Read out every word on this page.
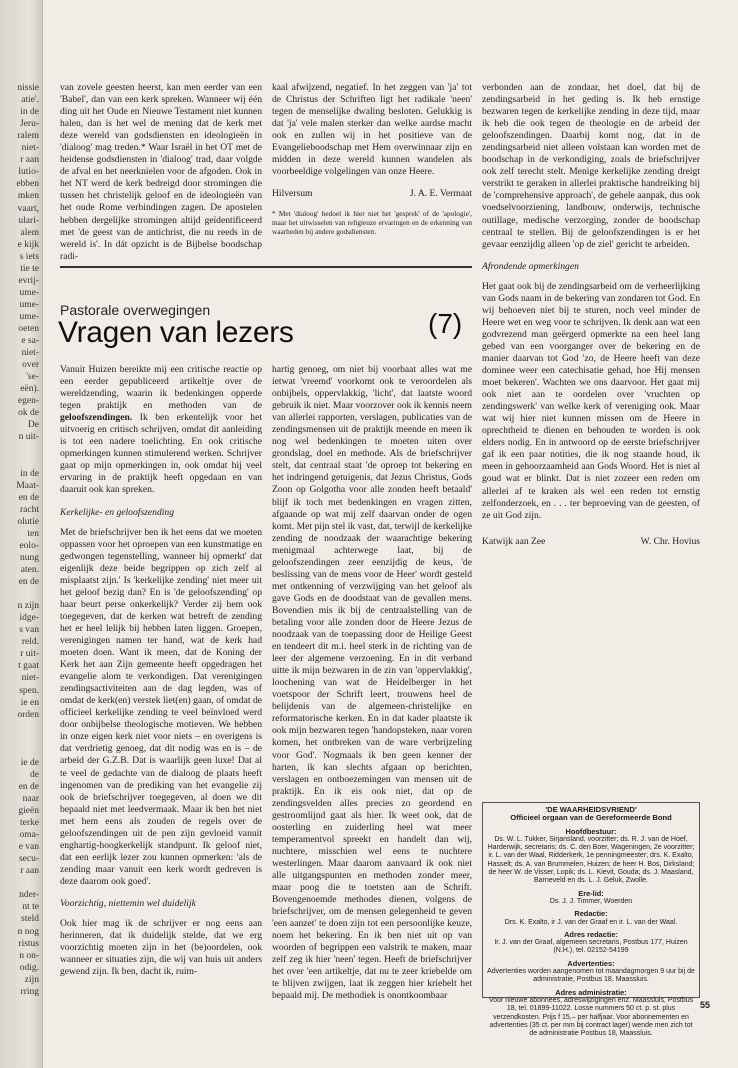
nissie
atie'.
in de
Jeru-
ralem
niet-
r aan
lutio-
ebben
mken
vaart,
ulari-
alem
e kijk
s iets
tie te
evrij-
ume-
ume-
ume-
oeten
e sa-
niet-
over
'se-
eën).
egen-
ok de
De
n uit-
in de
Maat-
en de
racht
olutie
ten
eolo-
nung
aten.
en de
n zijn
idge-
s van
reld.
r uit-
t gaat
niet-
spen.
ie en
orden
ie de
de
en de
naar
gieën
terke
oma-
e van
secu-
r aan
nder-
nt te
steld
n nog
ristus
n on-
odig.
zijn
rring

van zovele geesten heerst, kan men eerder van een 'Babel', dan van een kerk spreken. Wanneer wij één ding uit het Oude en Nieuwe Testament niet kunnen halen, dan is het wel de mening dat de kerk met deze wereld van godsdiensten en ideologieën in 'dialoog' mag treden.* Waar Israël in het OT met de heidense godsdiensten in 'dialoog' trad, daar volgde de afval en het neerknielen voor de afgoden. Ook in het NT werd de kerk bedreigd door stromingen die tussen het christelijk geloof en de ideologieën van het oude Rome verbindingen zagen. De apostelen hebben dergelijke stromingen altijd geïdentificeerd met 'de geest van de antichrist, die nu reeds in de wereld is'. In dát opzicht is de Bijbelse boodschap radi-

kaal afwijzend, negatief. In het zeggen van 'ja' tot de Christus der Schriften ligt het radikale 'neen' tegen de menselijke dwaling besloten. Gelukkig is dat 'ja' vele malen sterker dan welke aardse macht ook en zullen wij in het positieve van de Evangelieboodschap met Hem overwinnaar zijn en midden in deze wereld kunnen wandelen als voorbeeldige volgelingen van onze Heere.

Hilversum	J. A. E. Vermaat
* Met 'dialoog' bedoel ik hier niet het 'gesprek' of de 'apologie', maar het uitwisselen van religieuze ervaringen en de erkenning van waarheden bij andere godsdiensten.

verbonden aan de zondaar, het doel, dat bij de zendingsarbeid in het geding is. Ik heb ernstige bezwaren tegen de kerkelijke zending in deze tijd, maar ik heb die ook tegen de theologie en de arbeid der geloofszendingen. Daarbij komt nog, dat in de zendingsarbeid niet alleen volstaan kan worden met de boodschap in de verkondiging, zoals de briefschrijver ook zelf terecht stelt. Menige kerkelijke zending dreigt verstrikt te geraken in allerlei praktische handreiking bij de 'comprehensive approach', de gehele aanpak, dus ook voedselvoorziening, landbouw, onderwijs, technische outillage, medische verzorging, zonder de boodschap centraal te stellen. Bij de geloofszendingen is er het gevaar eenzijdig alleen 'op de ziel' gericht te arbeiden.

Afrondende opmerkingen

Het gaat ook bij de zendingsarbeid om de verheerlijking van Gods naam in de bekering van zondaren tot God. En wij behoeven niet bij te sturen, noch veel minder de Heere wet en weg voor te schrijven. Ik denk aan wat een godvrezend man geërgerd opmerkte na een heel lang gebed van een voorganger over de bekering en de manier daarvan tot God 'zo, de Heere heeft van deze dominee weer een catechisatie gehad, hoe Hij mensen moet bekeren'. Wachten we ons daarvoor. Het gaat mij ook niet aan te oordelen over 'vruchten op zendingswerk' van welke kerk of vereniging ook. Maar wat wij hier niet kunnen missen om de Heere in oprechtheid te dienen en behouden te worden is ook elders nodig. En in antwoord op de eerste briefschrijver gaf ik een paar notities, die ik nog staande houd, ik meen in gehoorzaamheid aan Gods Woord. Het is niet al goud wat er blinkt. Dat is niet zozeer een reden om allerlei af te kraken als wel een reden tot ernstig zelfonderzoek, en . . . ter beproeving van de geesten, of ze uit God zijn.

Katwijk aan Zee	W. Chr. Hovius
Pastorale overwegingen
Vragen van lezers	(7)

Vanuit Huizen bereikte mij een critische reactie op een eerder gepubliceerd artikeltje over de wereldzending, waarin ik bedenkingen opperde tegen praktijk en methoden van de geloofszendingen. Ik ben erkentelijk voor het uitvoerig en critisch schrijven, omdat dit aanleiding is tot een nadere toelichting. En ook critische opmerkingen kunnen stimulerend werken. Schrijver gaat op mijn opmerkingen in, ook omdat hij veel ervaring in de praktijk heeft opgedaan en van daaruit ook kan spreken.

Kerkelijke- en geloofszending

Met de briefschrijver ben ik het eens dat we moeten oppassen voor het oproepen van een kunstmatige en gedwongen tegenstelling, wanneer hij opmerkt' dat eigenlijk deze beide begrippen op zich zelf al misplaatst zijn.' Is 'kerkelijke zending' niet meer uit het geloof bezig dan? En is 'de geloofszending' op haar beurt perse onkerkelijk? Verder zij hem ook toegegeven, dat de kerken wat betreft de zending het er heel lelijk bij hebben laten liggen. Groepen, verenigingen namen ter hand, wat de kerk had moeten doen. Want ik meen, dat de Koning der Kerk het aan Zijn gemeente heeft opgedragen het evangelie alom te verkondigen. Dat verenigingen zendingsactiviteiten aan de dag legden, was of omdat de kerk(en) verstek liet(en) gaan, of omdat de officieel kerkelijke zending te veel beïnvloed werd door onbijbelse theologische motieven. We hebben in onze eigen kerk niet voor niets – en overigens is dat verdrietig genoeg, dat dit nodig was en is – de arbeid der G.Z.B. Dat is waarlijk geen luxe! Dat al te veel de gedachte van de dialoog de plaats heeft ingenomen van de prediking van het evangelie zij ook de briefschrijver toegegeven, al doen we dit bepaald niet met leedvermaak. Maar ik ben het niet met hem eens als zouden de regels over de geloofszendingen uit de pen zijn gevloeid vanuit enghartig-hoogkerkelijk standpunt. Ik geloof niet, dat een eerlijk lezer zou kunnen opmerken: 'als de zending maar vanuit een kerk wordt gedreven is deze daarom ook goed'.

Voorzichtig, niettemin wel duidelijk

Ook hier mag ik de schrijver er nog eens aan herinneren, dat ik duidelijk stelde, dat we erg voorzichtig moeten zijn in het (be)oordelen, ook wanneer er situaties zijn, die wij van huis uit anders gewend zijn. Ik ben, dacht ik, ruim-

hartig genoeg, om niet bij voorbaat alles wat me ietwat 'vreemd' voorkomt ook te veroordelen als onbijbels, oppervlakkig, 'licht', dat laatste woord gebruik ik niet. Maar voorzover ook ik kennis neem van allerlei rapporten, verslagen, publicaties van de zendingsmensen uit de praktijk meende en meen ik nog wel bedenkingen te moeten uiten over grondslag, doel en methode. Als de briefschrijver stelt, dat centraal staat 'de oproep tot bekering en het indringend getuigenis, dat Jezus Christus, Gods Zoon op Golgotha voor alle zonden heeft betaald' blijf ik toch met bedenkingen en vragen zitten, afgaande op wat mij zelf daarvan onder de ogen komt. Met pijn stel ik vast, dat, terwijl de kerkelijke zending de noodzaak der waarachtige bekering menigmaal achterwege laat, bij de geloofszendingen zeer eenzijdig de keus, 'de beslissing van de mens voor de Heer' wordt gesteld met ontkenning of verzwijging van het geloof als gave Gods en de doodstaat van de gevallen mens. Bovendien mis ik bij de centraalstelling van de betaling voor alle zonden door de Heere Jezus de noodzaak van de toepassing door de Heilige Geest en tendeert dit m.i. heel sterk in de richting van de leer der algemene verzoening. En in dit verband uitte ik mijn bezwaren in de zin van 'oppervlakkig', loochening van wat de Heidelberger in het voetspoor der Schrift leert, trouwens heel de belijdenis van de algemeen-christelijke en reformatorische kerken. En in dat kader plaatste ik ook mijn bezwaren tegen 'handopsteken, naar voren komen, het ontbreken van de ware verbrijzeling voor God'. Nogmaals ik ben geen kenner der harten, ik kan slechts afgaan op berichten, verslagen en ontboezemingen van mensen uit de praktijk. En ik eis ook niet, dat op de zendingsvelden alles precies zo geordend en gestroomlijnd gaat als hier. Ik weet ook, dat de oosterling en zuiderling heel wat meer temperamentvol spreekt en handelt dan wij, nuchtere, misschien wel eens te nuchtere westerlingen. Maar daarom aanvaard ik ook niet alle uitgangspunten en methoden zonder meer, maar poog die te toetsten aan de Schrift. Bovengenoemde methodes dienen, volgens de briefschrijver, om de mensen gelegenheid te geven 'een aanzet' te doen zijn tot een persoonlijke keuze, noem het bekering. En ik ben niet uit op van woorden of begrippen een valstrik te maken, maar zelf zeg ik hier 'neen' tegen. Heeft de briefschrijver het over 'een artikeltje, dat nu te zeer kriebelde om te blijven zwijgen, laat ik zeggen hier kriebelt het bepaald mij. De methodiek is onontkoombaar

'DE WAARHEIDSVRIEND'
Officieel orgaan van de Gereformeerde Bond
Hoofdbestuur:
Ds. W. L. Tukker, Sirjansland, voorzitter; ds. R. J. van de Hoef, Harderwijk, secretaris; ds. C. den Boer, Wageningen, 2e voorzitter; ir. L. van der Waal, Ridderkerk, 1e penningmeester; drs. K. Exalto, Hasselt; ds. A. van Brummelen, Huizen; de heer H. Bos, Dirksland; de heer W. de Visser, Lopik; ds. L. Kievit, Gouda; ds. J. Maasland, Barneveld en ds. L. J. Geluk, Zwolle.
Ere-lid:
Ds. J. J. Timmer, Woerden
Redactie:
Drs. K. Exalto, ir J. van der Graaf en ir. L. van der Waal.
Adres redactie:
Ir. J. van der Graaf, algemeen secretaris, Postbus 177, Huizen (N.H.), tel. 02152-54199
Advertenties:
Advertenties worden aangenomen tot maandagmorgen 9 uur bij de administratie, Postbus 18, Maassluis.
Adres administratie:
Voor nieuwe abonnees, adreswijzigingen enz. Maassluis, Postbus 18, tel. 01899-11022. Losse nummers 50 ct. p. st. plus verzendkosten. Prijs f 15,– per halfjaar. Voor abonnementen en advertenties (35 ct. per mm bij contract lager) wende men zich tot de administratie Postbus 18, Maassluis.
55
